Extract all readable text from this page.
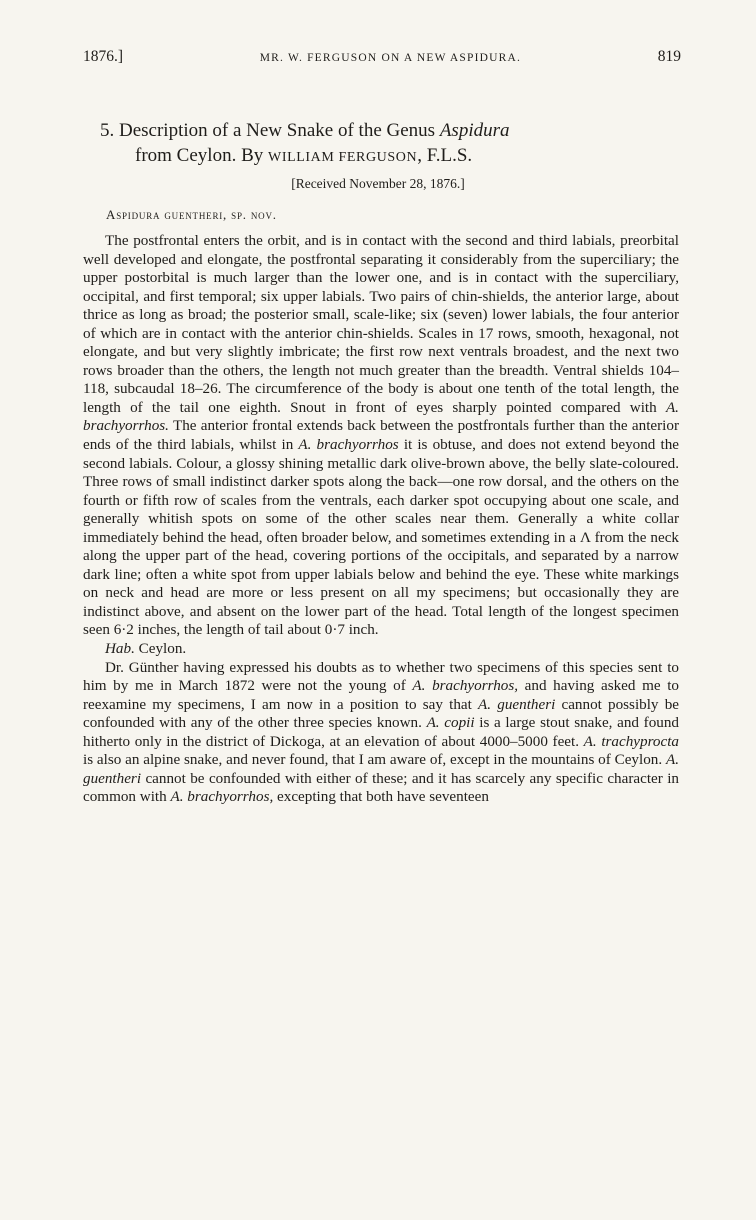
1876.]	MR. W. FERGUSON ON A NEW ASPIDURA.	819
5. Description of a New Snake of the Genus Aspidura
from Ceylon. By WILLIAM FERGUSON, F.L.S.
[Received November 28, 1876.]
Aspidura guentheri, sp. nov.

The postfrontal enters the orbit, and is in contact with the second and third labials, preorbital well developed and elongate, the postfrontal separating it considerably from the superciliary; the upper postorbital is much larger than the lower one, and is in contact with the superciliary, occipital, and first temporal; six upper labials. Two pairs of chin-shields, the anterior large, about thrice as long as broad; the posterior small, scale-like; six (seven) lower labials, the four anterior of which are in contact with the anterior chin-shields. Scales in 17 rows, smooth, hexagonal, not elongate, and but very slightly imbricate; the first row next ventrals broadest, and the next two rows broader than the others, the length not much greater than the breadth. Ventral shields 104–118, subcaudal 18–26. The circumference of the body is about one tenth of the total length, the length of the tail one eighth. Snout in front of eyes sharply pointed compared with A. brachyorrhos. The anterior frontal extends back between the postfrontals further than the anterior ends of the third labials, whilst in A. brachyorrhos it is obtuse, and does not extend beyond the second labials. Colour, a glossy shining metallic dark olive-brown above, the belly slate-coloured. Three rows of small indistinct darker spots along the back—one row dorsal, and the others on the fourth or fifth row of scales from the ventrals, each darker spot occupying about one scale, and generally whitish spots on some of the other scales near them. Generally a white collar immediately behind the head, often broader below, and sometimes extending in a Λ from the neck along the upper part of the head, covering portions of the occipitals, and separated by a narrow dark line; often a white spot from upper labials below and behind the eye. These white markings on neck and head are more or less present on all my specimens; but occasionally they are indistinct above, and absent on the lower part of the head. Total length of the longest specimen seen 6·2 inches, the length of tail about 0·7 inch.

Hab. Ceylon.

Dr. Günther having expressed his doubts as to whether two specimens of this species sent to him by me in March 1872 were not the young of A. brachyorrhos, and having asked me to reexamine my specimens, I am now in a position to say that A. guentheri cannot possibly be confounded with any of the other three species known. A. copii is a large stout snake, and found hitherto only in the district of Dickoga, at an elevation of about 4000–5000 feet. A. trachyprocta is also an alpine snake, and never found, that I am aware of, except in the mountains of Ceylon. A. guentheri cannot be confounded with either of these; and it has scarcely any specific character in common with A. brachyorrhos, excepting that both have seventeen
